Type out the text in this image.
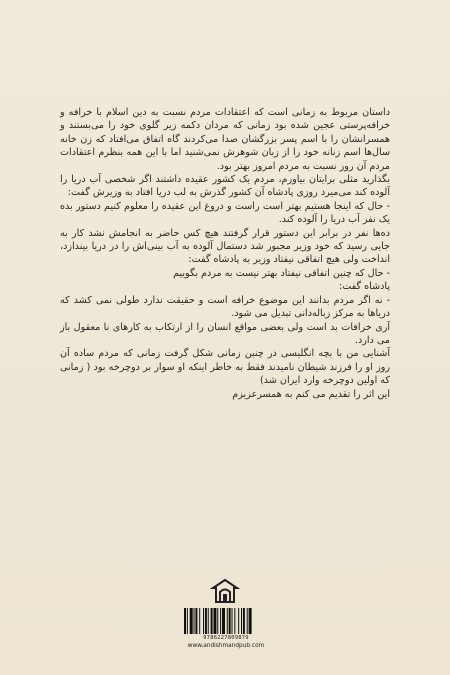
داستان مربوط به زمانی است که اعتقادات مردم نسبت به دین اسلام با خرافه و خرافه‌پرستی عجین شده بود زمانی که مردان دکمه زیر گلوی خود را می‌بستند و همسرانشان را با اسم پسر بزرگشان صدا می‌کردند گاه اتفاق می‌افتاد که زن خانه سال‌ها اسم زنانه خود را از زبان شوهرش نمی‌شنید اما با این همه بنظرم اعتقادات مردم آن روز نسبت به مردم امروز بهتر بود.

بگذارید مثلی برایتان بیاورم، مردم یک کشور عقیده داشتند اگر شخصی آب دریا را آلوده کند می‌میرد روزی پادشاه آن کشور گذرش به لب دریا افتاد به وزیرش گفت:

- حال که اینجا هستیم بهتر است راست و دروغ این عقیده را معلوم کنیم دستور بده یک نفر آب دریا را آلوده کند.

ده‌ها نفر در برابر این دستور قرار گرفتند هیچ کس حاضر به انجامش نشد کار به جایی رسید که خود وزیر مجبور شد دستمال آلوده به آب بینی‌اش را در دریا بیندازد، انداخت ولی هیچ اتفاقی نیفتاد وزیر به پادشاه گفت:

- حال که چنین اتفاقی نیفتاد بهتر نیست به مردم بگوییم

پادشاه گفت:

- نه اگر مردم بدانند این موضوع خرافه است و حقیقت ندارد طولی نمی کشد که دریاها به مرکز زباله‌دانی تبدیل می شود.

آری خرافات بد است ولی بعضی مواقع انسان را از ارتکاب به کارهای نا معقول باز می دارد.

آشنایی من با بچه انگلیسی در چنین زمانی شکل گرفت زمانی که مردم ساده آن روز او را فرزند شیطان نامیدند فقط به خاطر اینکه او سوار بر دوچرخه بود ( زمانی که اولین دوچرخه وارد ایران شد)

این اثر را تقدیم می کنم به همسرعزیزم

9786227809879
www.andishmandpub.com
